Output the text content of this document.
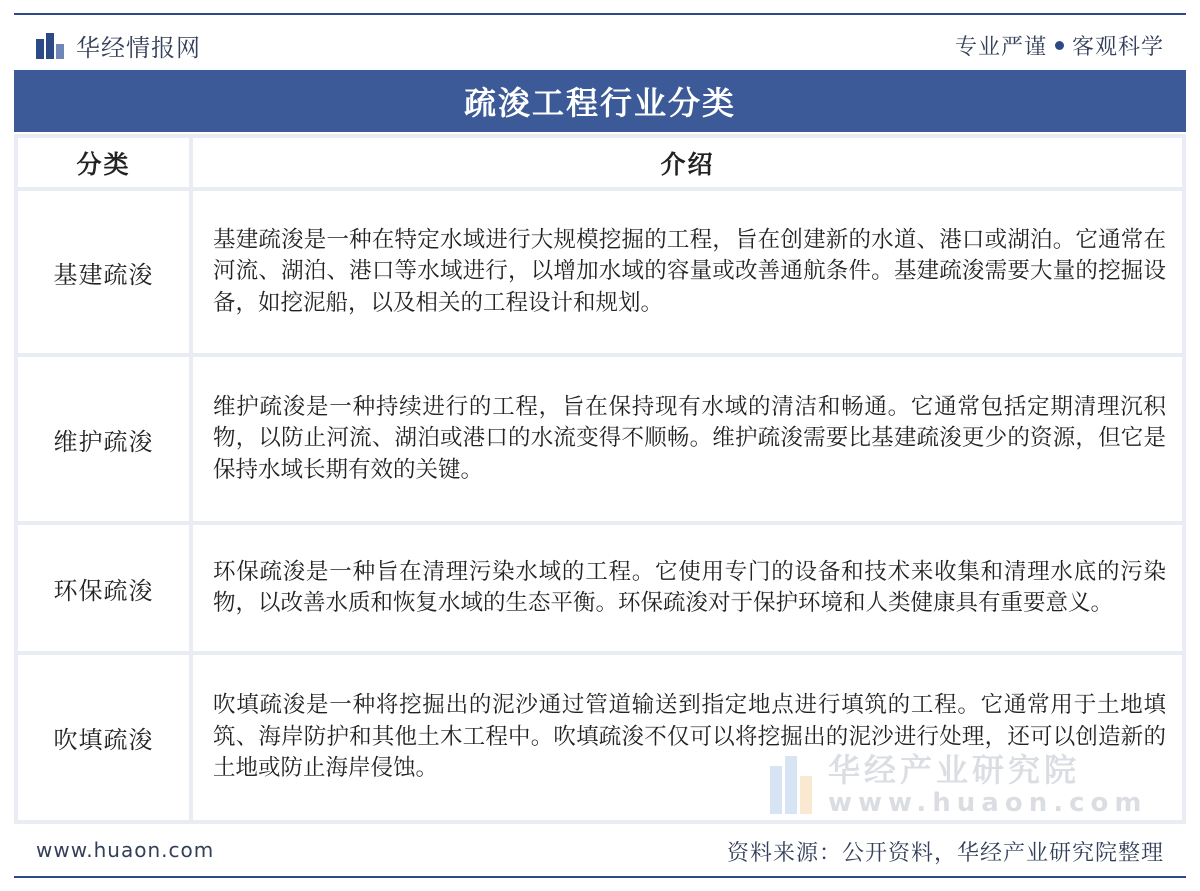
华经情报网	专业严谨 客观科学
疏浚工程行业分类
分类	介绍
基建疏浚	基建疏浚是一种在特定水域进行大规模挖掘的工程，旨在创建新的水道、港口或湖泊。它通常在河流、湖泊、港口等水域进行，以增加水域的容量或改善通航条件。基建疏浚需要大量的挖掘设备，如挖泥船，以及相关的工程设计和规划。
维护疏浚	维护疏浚是一种持续进行的工程，旨在保持现有水域的清洁和畅通。它通常包括定期清理沉积物，以防止河流、湖泊或港口的水流变得不顺畅。维护疏浚需要比基建疏浚更少的资源，但它是保持水域长期有效的关键。
环保疏浚	环保疏浚是一种旨在清理污染水域的工程。它使用专门的设备和技术来收集和清理水底的污染物，以改善水质和恢复水域的生态平衡。环保疏浚对于保护环境和人类健康具有重要意义。
吹填疏浚	吹填疏浚是一种将挖掘出的泥沙通过管道输送到指定地点进行填筑的工程。它通常用于土地填筑、海岸防护和其他土木工程中。吹填疏浚不仅可以将挖掘出的泥沙进行处理，还可以创造新的土地或防止海岸侵蚀。	华经产业研究院
www.huaon.com
www.huaon.com	资料来源：公开资料，华经产业研究院整理
